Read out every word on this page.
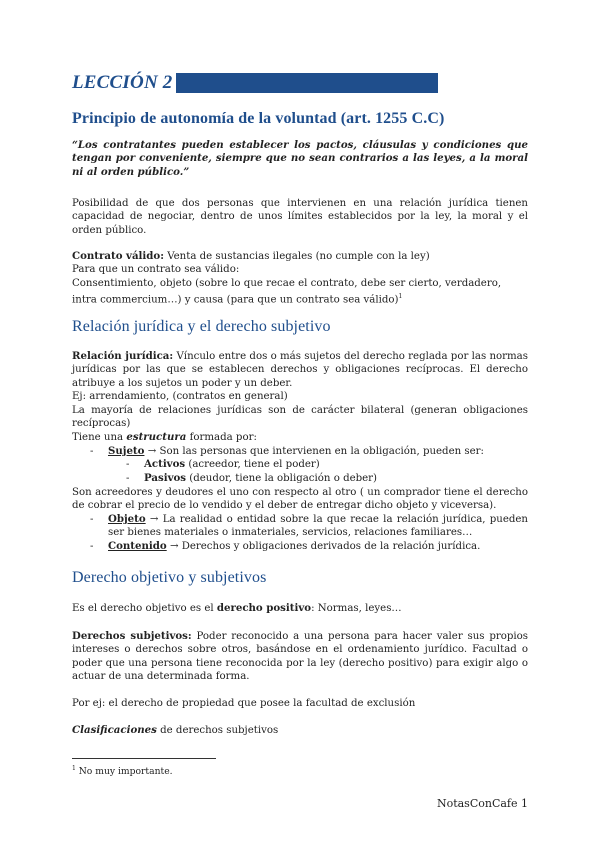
LECCIÓN 2
Principio de autonomía de la voluntad (art. 1255 C.C)

“Los contratantes pueden establecer los pactos, cláusulas y condiciones que tengan por conveniente, siempre que no sean contrarios a las leyes, a la moral ni al orden público.”

Posibilidad de que dos personas que intervienen en una relación jurídica tienen capacidad de negociar, dentro de unos límites establecidos por la ley, la moral y el orden público.

Contrato válido: Venta de sustancias ilegales (no cumple con la ley)
Para que un contrato sea válido:
Consentimiento, objeto (sobre lo que recae el contrato, debe ser cierto, verdadero, intra commercium…) y causa (para que un contrato sea válido)$^1$
Relación jurídica y el derecho subjetivo

Relación jurídica: Vínculo entre dos o más sujetos del derecho reglada por las normas jurídicas por las que se establecen derechos y obligaciones recíprocas. El derecho atribuye a los sujetos un poder y un deber.

Ej: arrendamiento, (contratos en general)

La mayoría de relaciones jurídicas son de carácter bilateral (generan obligaciones recíprocas)

Tiene una estructura formada por:

- Sujeto → Son las personas que intervienen en la obligación, pueden ser:
- Activos (acreedor, tiene el poder)
- Pasivos (deudor, tiene la obligación o deber)

Son acreedores y deudores el uno con respecto al otro ( un comprador tiene el derecho de cobrar el precio de lo vendido y el deber de entregar dicho objeto y viceversa).

- Objeto → La realidad o entidad sobre la que recae la relación jurídica, pueden ser bienes materiales o inmateriales, servicios, relaciones familiares…
- Contenido → Derechos y obligaciones derivados de la relación jurídica.
Derecho objetivo y subjetivos

Es el derecho objetivo es el derecho positivo: Normas, leyes…

Derechos subjetivos: Poder reconocido a una persona para hacer valer sus propios intereses o derechos sobre otros, basándose en el ordenamiento jurídico. Facultad o poder que una persona tiene reconocida por la ley (derecho positivo) para exigir algo o actuar de una determinada forma.

Por ej: el derecho de propiedad que posee la facultad de exclusión

Clasificaciones de derechos subjetivos

$^1$ No muy importante.
NotasConCafe 1
